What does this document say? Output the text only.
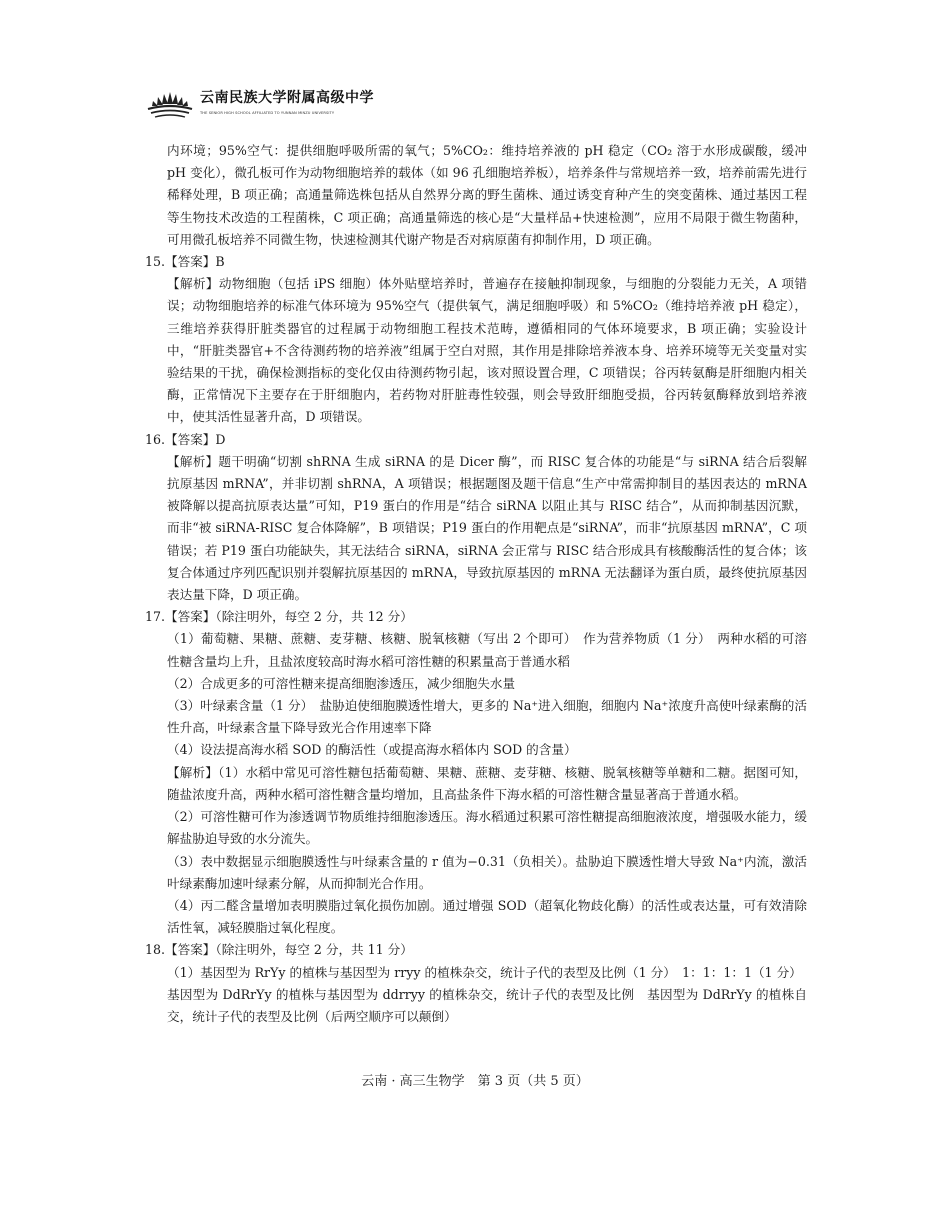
云南民族大学附属高级中学
THE SENIOR HIGH SCHOOL AFFILIATED TO YUNNAN MINZU UNIVERSITY

内环境；95%空气：提供细胞呼吸所需的氧气；5%CO₂：维持培养液的 pH 稳定（CO₂ 溶于水形成碳酸，缓冲 pH 变化），微孔板可作为动物细胞培养的载体（如 96 孔细胞培养板），培养条件与常规培养一致，培养前需先进行稀释处理，B 项正确；高通量筛选株包括从自然界分离的野生菌株、通过诱变育种产生的突变菌株、通过基因工程等生物技术改造的工程菌株，C 项正确；高通量筛选的核心是“大量样品+快速检测”，应用不局限于微生物菌种，可用微孔板培养不同微生物，快速检测其代谢产物是否对病原菌有抑制作用，D 项正确。

15.【答案】B

【解析】动物细胞（包括 iPS 细胞）体外贴壁培养时，普遍存在接触抑制现象，与细胞的分裂能力无关，A 项错误；动物细胞培养的标准气体环境为 95%空气（提供氧气，满足细胞呼吸）和 5%CO₂（维持培养液 pH 稳定），三维培养获得肝脏类器官的过程属于动物细胞工程技术范畴，遵循相同的气体环境要求，B 项正确；实验设计中，“肝脏类器官+不含待测药物的培养液”组属于空白对照，其作用是排除培养液本身、培养环境等无关变量对实验结果的干扰，确保检测指标的变化仅由待测药物引起，该对照设置合理，C 项错误；谷丙转氨酶是肝细胞内相关酶，正常情况下主要存在于肝细胞内，若药物对肝脏毒性较强，则会导致肝细胞受损，谷丙转氨酶释放到培养液中，使其活性显著升高，D 项错误。

16.【答案】D

【解析】题干明确“切割 shRNA 生成 siRNA 的是 Dicer 酶”，而 RISC 复合体的功能是“与 siRNA 结合后裂解抗原基因 mRNA”，并非切割 shRNA，A 项错误；根据题图及题干信息“生产中常需抑制目的基因表达的 mRNA 被降解以提高抗原表达量”可知，P19 蛋白的作用是“结合 siRNA 以阻止其与 RISC 结合”，从而抑制基因沉默，而非“被 siRNA-RISC 复合体降解”，B 项错误；P19 蛋白的作用靶点是“siRNA”，而非“抗原基因 mRNA”，C 项错误；若 P19 蛋白功能缺失，其无法结合 siRNA，siRNA 会正常与 RISC 结合形成具有核酸酶活性的复合体；该复合体通过序列匹配识别并裂解抗原基因的 mRNA，导致抗原基因的 mRNA 无法翻译为蛋白质，最终使抗原基因表达量下降，D 项正确。

17.【答案】（除注明外，每空 2 分，共 12 分）

（1）葡萄糖、果糖、蔗糖、麦芽糖、核糖、脱氧核糖（写出 2 个即可）　作为营养物质（1 分）　两种水稻的可溶性糖含量均上升，且盐浓度较高时海水稻可溶性糖的积累量高于普通水稻

（2）合成更多的可溶性糖来提高细胞渗透压，减少细胞失水量

（3）叶绿素含量（1 分）　盐胁迫使细胞膜透性增大，更多的 Na⁺进入细胞，细胞内 Na⁺浓度升高使叶绿素酶的活性升高，叶绿素含量下降导致光合作用速率下降

（4）设法提高海水稻 SOD 的酶活性（或提高海水稻体内 SOD 的含量）

【解析】（1）水稻中常见可溶性糖包括葡萄糖、果糖、蔗糖、麦芽糖、核糖、脱氧核糖等单糖和二糖。据图可知，随盐浓度升高，两种水稻可溶性糖含量均增加，且高盐条件下海水稻的可溶性糖含量显著高于普通水稻。

（2）可溶性糖可作为渗透调节物质维持细胞渗透压。海水稻通过积累可溶性糖提高细胞液浓度，增强吸水能力，缓解盐胁迫导致的水分流失。

（3）表中数据显示细胞膜透性与叶绿素含量的 r 值为−0.31（负相关）。盐胁迫下膜透性增大导致 Na⁺内流，激活叶绿素酶加速叶绿素分解，从而抑制光合作用。

（4）丙二醛含量增加表明膜脂过氧化损伤加剧。通过增强 SOD（超氧化物歧化酶）的活性或表达量，可有效清除活性氧，减轻膜脂过氧化程度。

18.【答案】（除注明外，每空 2 分，共 11 分）

（1）基因型为 RrYy 的植株与基因型为 rryy 的植株杂交，统计子代的表型及比例（1 分）　1：1：1：1（1 分）

基因型为 DdRrYy 的植株与基因型为 ddrryy 的植株杂交，统计子代的表型及比例　基因型为 DdRrYy 的植株自交，统计子代的表型及比例（后两空顺序可以颠倒）

云南 · 高三生物学　第 3 页（共 5 页）
